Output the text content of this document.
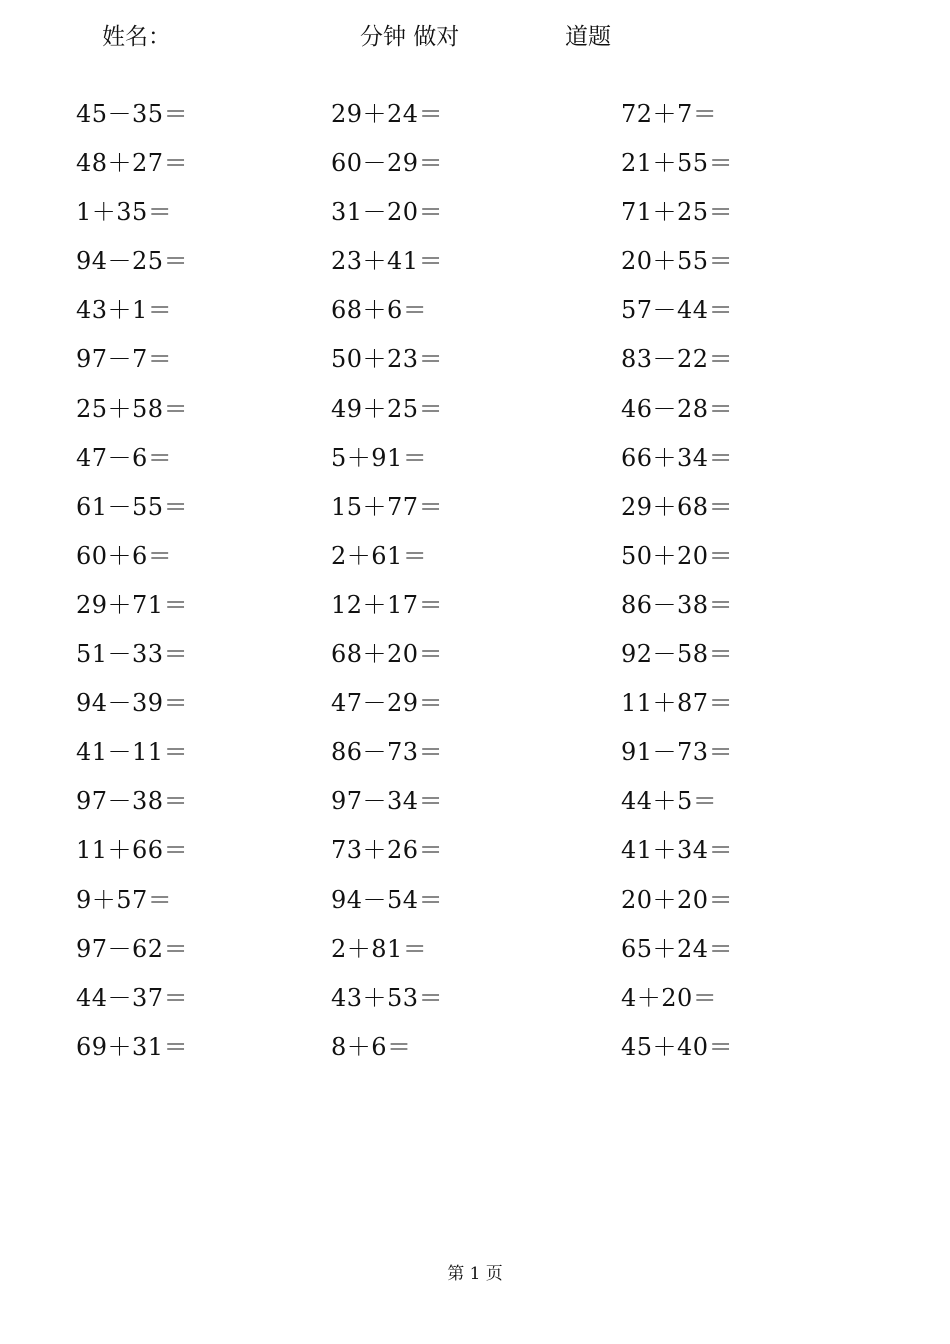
姓名：	分钟 做对	道题
45－35＝
48＋27＝
1＋35＝
94－25＝
43＋1＝
97－7＝
25＋58＝
47－6＝
61－55＝
60＋6＝
29＋71＝
51－33＝
94－39＝
41－11＝
97－38＝
11＋66＝
9＋57＝
97－62＝
44－37＝
69＋31＝
29＋24＝
60－29＝
31－20＝
23＋41＝
68＋6＝
50＋23＝
49＋25＝
5＋91＝
15＋77＝
2＋61＝
12＋17＝
68＋20＝
47－29＝
86－73＝
97－34＝
73＋26＝
94－54＝
2＋81＝
43＋53＝
8＋6＝
72＋7＝
21＋55＝
71＋25＝
20＋55＝
57－44＝
83－22＝
46－28＝
66＋34＝
29＋68＝
50＋20＝
86－38＝
92－58＝
11＋87＝
91－73＝
44＋5＝
41＋34＝
20＋20＝
65＋24＝
4＋20＝
45＋40＝
第 1 页
